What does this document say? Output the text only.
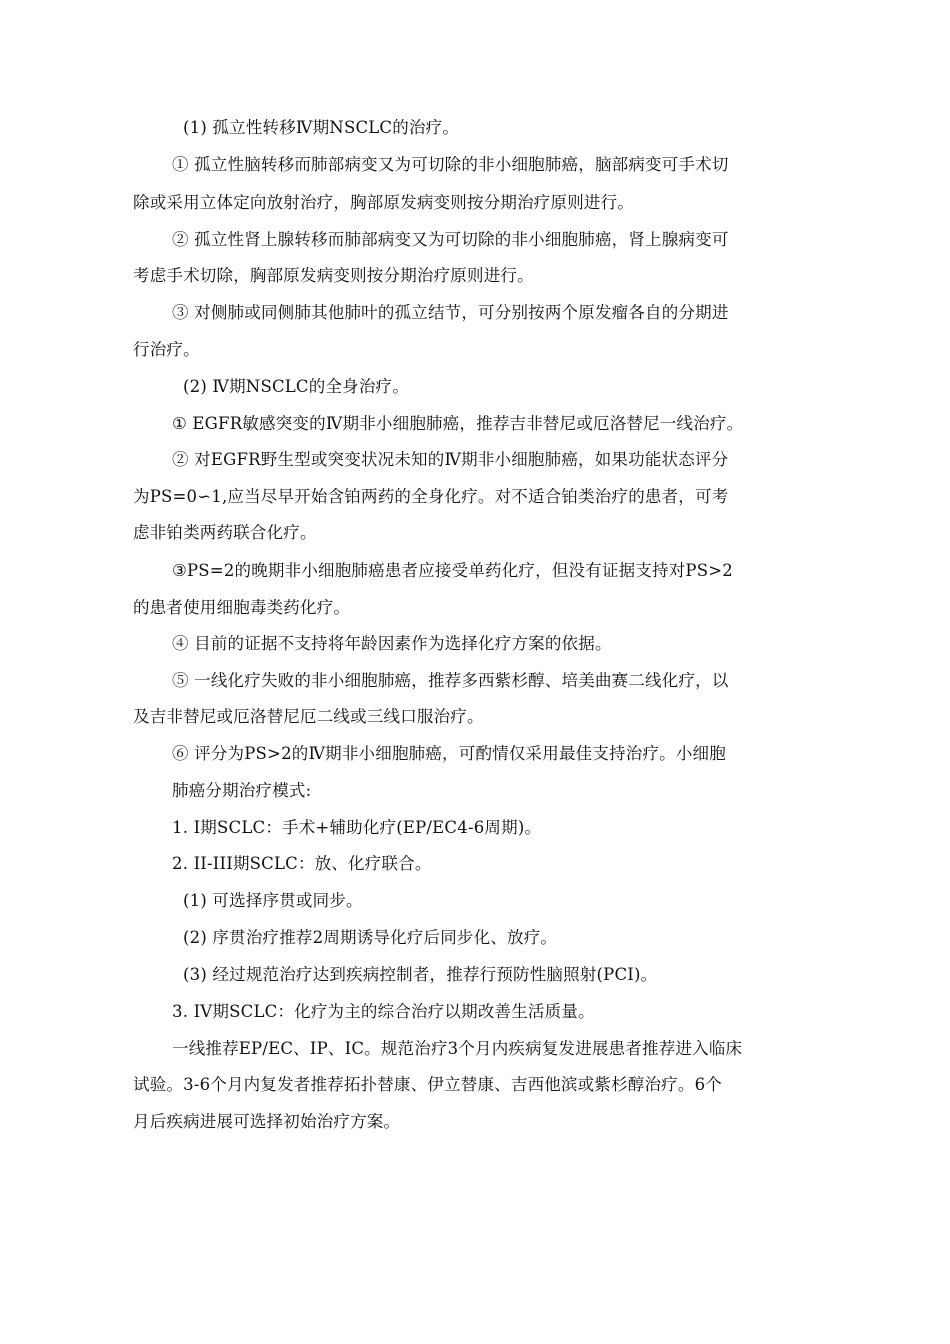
(1) 孤立性转移Ⅳ期NSCLC的治疗。
① 孤立性脑转移而肺部病变又为可切除的非小细胞肺癌，脑部病变可手术切
除或采用立体定向放射治疗，胸部原发病变则按分期治疗原则进行。
② 孤立性肾上腺转移而肺部病变又为可切除的非小细胞肺癌，肾上腺病变可
考虑手术切除，胸部原发病变则按分期治疗原则进行。
③ 对侧肺或同侧肺其他肺叶的孤立结节，可分别按两个原发瘤各自的分期进
行治疗。
(2) Ⅳ期NSCLC的全身治疗。
① EGFR敏感突变的Ⅳ期非小细胞肺癌，推荐吉非替尼或厄洛替尼一线治疗。
② 对EGFR野生型或突变状况未知的Ⅳ期非小细胞肺癌，如果功能状态评分
为PS=0∽1,应当尽早开始含铂两药的全身化疗。对不适合铂类治疗的患者，可考
虑非铂类两药联合化疗。
③PS=2的晚期非小细胞肺癌患者应接受单药化疗，但没有证据支持对PS>2
的患者使用细胞毒类药化疗。
④ 目前的证据不支持将年龄因素作为选择化疗方案的依据。
⑤ 一线化疗失败的非小细胞肺癌，推荐多西紫杉醇、培美曲赛二线化疗，以
及吉非替尼或厄洛替尼厄二线或三线口服治疗。
⑥ 评分为PS>2的Ⅳ期非小细胞肺癌，可酌情仅采用最佳支持治疗。小细胞
肺癌分期治疗模式:
1. I期SCLC：手术+辅助化疗(EP/EC4-6周期)。
2. II-III期SCLC：放、化疗联合。
(1) 可选择序贯或同步。
(2) 序贯治疗推荐2周期诱导化疗后同步化、放疗。
(3) 经过规范治疗达到疾病控制者，推荐行预防性脑照射(PCI)。
3. IV期SCLC：化疗为主的综合治疗以期改善生活质量。
一线推荐EP/EC、IP、IC。规范治疗3个月内疾病复发进展患者推荐进入临床
试验。3-6个月内复发者推荐拓扑替康、伊立替康、吉西他滨或紫杉醇治疗。6个
月后疾病进展可选择初始治疗方案。
